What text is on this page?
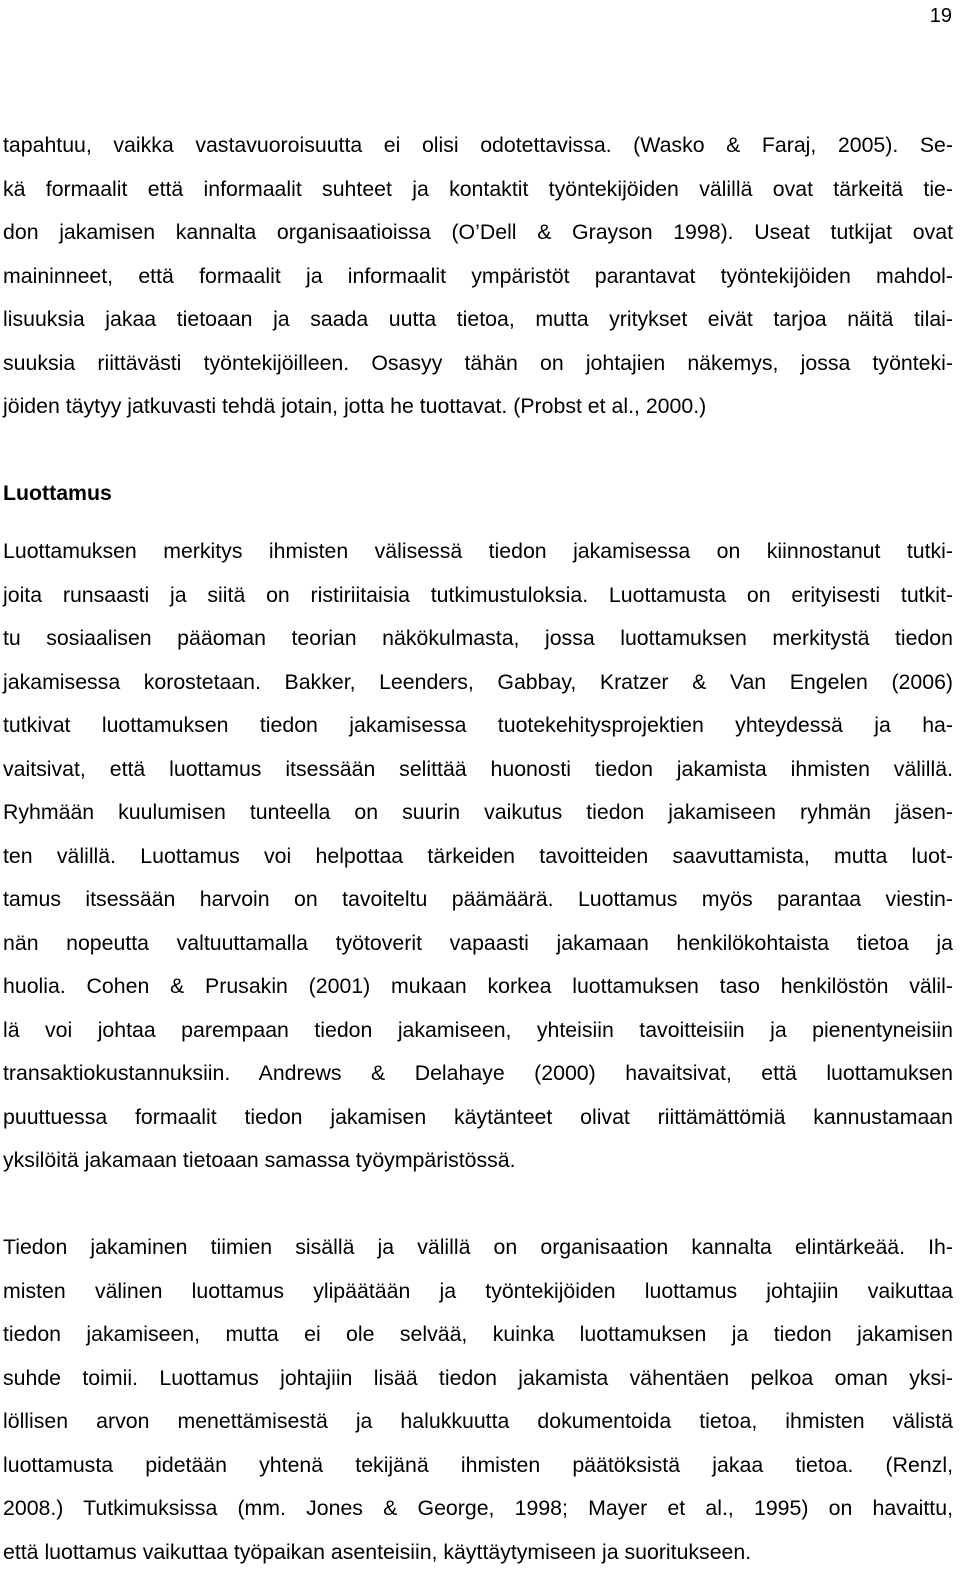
19
tapahtuu, vaikka vastavuoroisuutta ei olisi odotettavissa. (Wasko & Faraj, 2005). Se-
kä formaalit että informaalit suhteet ja kontaktit työntekijöiden välillä ovat tärkeitä tie-
don jakamisen kannalta organisaatioissa (O’Dell & Grayson 1998). Useat tutkijat ovat
maininneet, että formaalit ja informaalit ympäristöt parantavat työntekijöiden mahdol-
lisuuksia jakaa tietoaan ja saada uutta tietoa, mutta yritykset eivät tarjoa näitä tilai-
suuksia riittävästi työntekijöilleen. Osasyy tähän on johtajien näkemys, jossa työnteki-
jöiden täytyy jatkuvasti tehdä jotain, jotta he tuottavat. (Probst et al., 2000.)
Luottamus
Luottamuksen merkitys ihmisten välisessä tiedon jakamisessa on kiinnostanut tutki-
joita runsaasti ja siitä on ristiriitaisia tutkimustuloksia. Luottamusta on erityisesti tutkit-
tu sosiaalisen pääoman teorian näkökulmasta, jossa luottamuksen merkitystä tiedon
jakamisessa korostetaan. Bakker, Leenders, Gabbay, Kratzer & Van Engelen (2006)
tutkivat luottamuksen tiedon jakamisessa tuotekehitysprojektien yhteydessä ja ha-
vaitsivat, että luottamus itsessään selittää huonosti tiedon jakamista ihmisten välillä.
Ryhmään kuulumisen tunteella on suurin vaikutus tiedon jakamiseen ryhmän jäsen-
ten välillä. Luottamus voi helpottaa tärkeiden tavoitteiden saavuttamista, mutta luot-
tamus itsessään harvoin on tavoiteltu päämäärä. Luottamus myös parantaa viestin-
nän nopeutta valtuuttamalla työtoverit vapaasti jakamaan henkilökohtaista tietoa ja
huolia. Cohen & Prusakin (2001) mukaan korkea luottamuksen taso henkilöstön välil-
lä voi johtaa parempaan tiedon jakamiseen, yhteisiin tavoitteisiin ja pienentyneisiin
transaktiokustannuksiin. Andrews & Delahaye (2000) havaitsivat, että luottamuksen
puuttuessa formaalit tiedon jakamisen käytänteet olivat riittämättömiä kannustamaan
yksilöitä jakamaan tietoaan samassa työympäristössä.
Tiedon jakaminen tiimien sisällä ja välillä on organisaation kannalta elintärkeää. Ih-
misten välinen luottamus ylipäätään ja työntekijöiden luottamus johtajiin vaikuttaa
tiedon jakamiseen, mutta ei ole selvää, kuinka luottamuksen ja tiedon jakamisen
suhde toimii. Luottamus johtajiin lisää tiedon jakamista vähentäen pelkoa oman yksi-
löllisen arvon menettämisestä ja halukkuutta dokumentoida tietoa, ihmisten välistä
luottamusta pidetään yhtenä tekijänä ihmisten päätöksistä jakaa tietoa. (Renzl,
2008.) Tutkimuksissa (mm. Jones & George, 1998; Mayer et al., 1995) on havaittu,
että luottamus vaikuttaa työpaikan asenteisiin, käyttäytymiseen ja suoritukseen.
